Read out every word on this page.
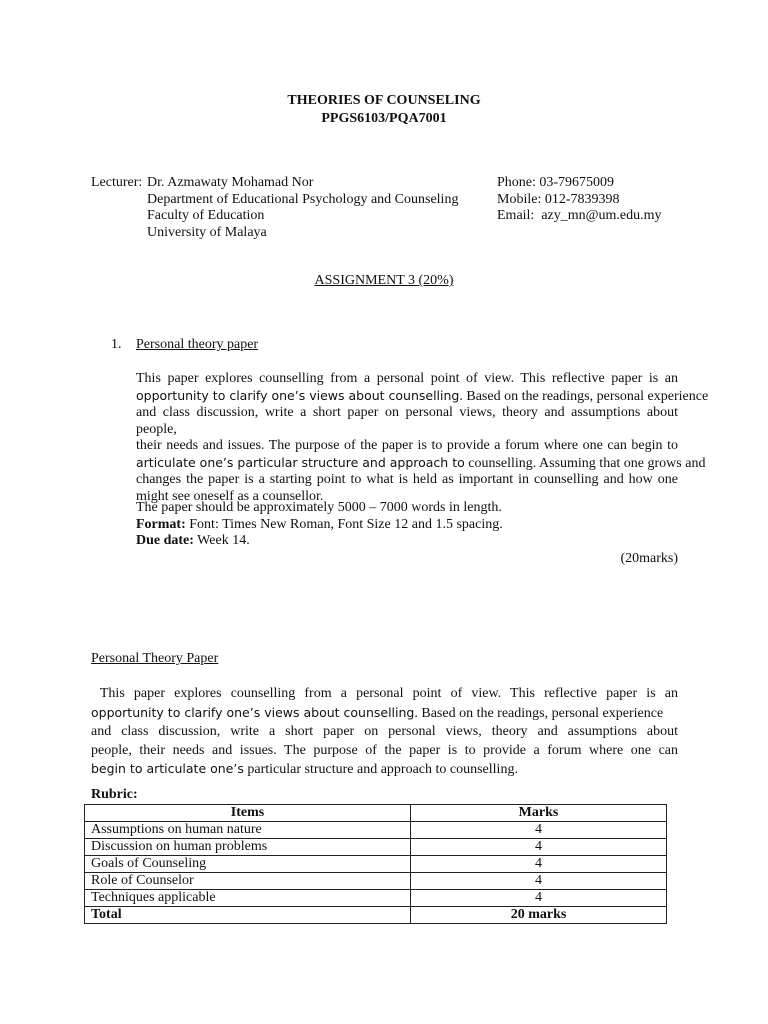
THEORIES OF COUNSELING
PPGS6103/PQA7001
Lecturer: Dr. Azmawaty Mohamad Nor
Department of Educational Psychology and Counseling
Faculty of Education
University of Malaya
Phone: 03-79675009
Mobile: 012-7839398
Email:  azy_mn@um.edu.my
ASSIGNMENT 3 (20%)
1. Personal theory paper
This paper explores counselling from a personal point of view. This reflective paper is an
opportunity to clarify one’s views about counselling. Based on the readings, personal experience
and class discussion, write a short paper on personal views, theory and assumptions about people,
their needs and issues. The purpose of the paper is to provide a forum where one can begin to
articulate one’s particular structure and approach to counselling. Assuming that one grows and
changes the paper is a starting point to what is held as important in counselling and how one
might see oneself as a counsellor.
The paper should be approximately 5000 – 7000 words in length.
Format: Font: Times New Roman, Font Size 12 and 1.5 spacing.
Due date: Week 14.
(20marks)
Personal Theory Paper
This paper explores counselling from a personal point of view. This reflective paper is an
opportunity to clarify one’s views about counselling. Based on the readings, personal experience
and class discussion, write a short paper on personal views, theory and assumptions about
people, their needs and issues. The purpose of the paper is to provide a forum where one can
begin to articulate one’s particular structure and approach to counselling.
Rubric:
Items	Marks
Assumptions on human nature	4
Discussion on human problems	4
Goals of Counseling	4
Role of Counselor	4
Techniques applicable	4
Total	20 marks
